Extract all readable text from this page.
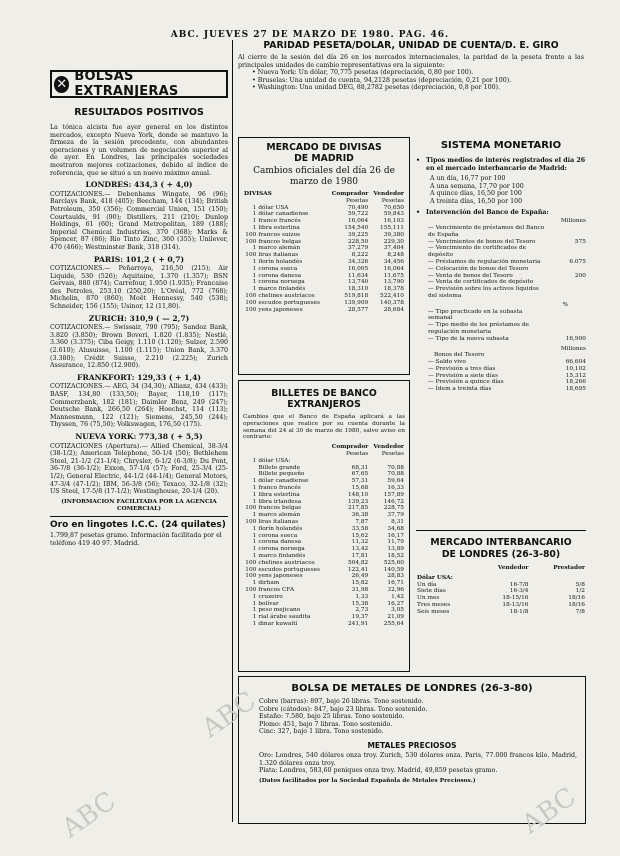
ABC. JUEVES 27 DE MARZO DE 1980. PAG. 46.
✕ BOLSAS EXTRANJERAS
RESULTADOS POSITIVOS
La tónica alcista fue ayer general en los distintos mercados, excepto Nueva York, donde se mantuvo la firmeza de la sesión precedente, con abundantes operaciones y un volumen de negociación superior al de ayer. En Londres, las principales sociedades mostraron mejores cotizaciones, debido al índice de referencia, que se situó a un nuevo máximo anual.
LONDRES: 434,3 ( + 4,0)
COTIZACIONES.— Debenhams Wingate, 96 (96); Barclays Bank, 418 (405); Beecham, 144 (134); British Petroleum, 350 (356); Commercial Union, 151 (150); Courtaulds, 91 (90); Distillers, 211 (210); Dunlop Holdings, 61 (60); Grand Metropolitan, 189 (188); Imperial Chemical Industries, 370 (368); Marks & Spencer, 87 (86); Rio Tinto Zinc, 360 (355); Unilever, 470 (466); Westminster Bank, 318 (314).
PARIS: 101,2 ( + 0,7)
COTIZACIONES.— Peñarroya, 216,50 (215); Air Liquide, 530 (526); Aquitaine, 1.370 (1.357); BSN Gervais, 880 (874); Carrefour, 1.950 (1.935); Francaise des Petroles, 253,10 (250,20); L'Oréal, 772 (768); Michelin, 870 (860); Moët Hennessy, 540 (538); Schneider, 156 (155); Usinor, 12 (11,80).
ZURICH: 310,9 ( — 2,7)
COTIZACIONES.— Swissair, 790 (795); Sandoz Bank, 3.820 (3.850); Brown Boveri, 1.820 (1.835); Nestlé, 3.360 (3.375); Ciba Geigy, 1.110 (1.120); Sulzer, 2.590 (2.610); Alusuisse, 1.100 (1.115); Union Bank, 3.370 (3.380); Crédit Suisse, 2.210 (2.225); Zurich Assurance, 12.850 (12.900).
FRANKFORT: 129,33 ( + 1,4)
COTIZACIONES.— AEG, 34 (34,30); Allianz, 434 (433); BASF, 134,80 (133,50); Bayer, 118,10 (117); Commerzbank, 182 (181); Daimler Benz, 249 (247); Deutsche Bank, 266,50 (264); Hoechst, 114 (113); Mannesmann, 122 (121); Siemens, 245,50 (244); Thyssen, 76 (75,50); Volkswagen, 176,50 (175).
NUEVA YORK: 773,38 ( + 5,5)
COTIZACIONES (Apertura).— Allied Chemical, 38-3/4 (38-1/2); American Telephone, 50-1/4 (50); Bethlehem Steel, 21-1/2 (21-1/4); Chrysler, 6-1/2 (6-3/8); Du Pont, 36-7/8 (36-1/2); Exxon, 57-1/4 (57); Ford, 25-3/4 (25-1/2); General Electric, 44-1/2 (44-1/4); General Motors, 47-3/4 (47-1/2); IBM, 56-3/8 (56); Texaco, 32-1/8 (32); US Steel, 17-5/8 (17-1/2); Westinghouse, 20-1/4 (20).
(INFORMACION FACILITADA POR LA AGENCIA COMERCIAL)
Oro en lingotes I.C.C. (24 quilates)
1.799,87 pesetas gramo. Información facilitada por el teléfono 419 40 97. Madrid.
PARIDAD PESETA/DOLAR, UNIDAD DE CUENTA/D. E. GIRO
Al cierre de la sesión del día 26 en los mercados internacionales, la paridad de la peseta frente a las principales unidades de cambio representativas era la siguiente:
• Nueva York: Un dólar, 70,775 pesetas (depreciación, 0,80 por 100).
• Bruselas: Una unidad de cuenta, 94,2128 pesetas (depreciación, 0,21 por 100).
• Washington: Una unidad DEG, 88,2782 pesetas (depreciación, 0,8 por 100).
MERCADO DE DIVISAS
DE MADRID
Cambios oficiales del día 26 de marzo de 1980
DIVISAS		Comprador	Vendedor
		Pesetas	Pesetas
1	dólar USA	70,490	70,650
1	dólar canadiense	59,722	59,843
1	franco francés	16,064	16,103
1	libra esterlina	154,540	155,111
100	francos suizos	39,225	39,380
100	francos belgas	228,50	229,30
1	marco alemán	37,279	37,404
100	liras italianas	8,222	8,248
1	florín holandés	34,326	34,456
1	corona sueca	16,005	16,064
1	corona danesa	11,634	11,675
1	corona noruega	13,740	13,790
1	marco finlandés	18,310	18,378
100	chelines austríacos	519,818	522,410
100	escudos portugueses	139,909	140,378
100	yens japoneses	28,577	28,684
BILLETES DE BANCO
EXTRANJEROS
Cambios que el Banco de España aplicará a las operaciones que realice por su cuenta durante la semana del 24 al 30 de marzo de 1980, salvo aviso en contrario:
		Comprador	Vendedor
		Pesetas	Pesetas
1	dólar USA:		
	Billete grande	68,31	70,88
	Billete pequeño	67,65	70,88
1	dólar canadiense	57,31	59,64
1	franco francés	15,68	16,33
1	libra esterlina	148,10	157,89
1	libra irlandesa	139,23	146,72
100	francos belgas	217,85	228,75
1	marco alemán	36,38	37,79
100	liras italianas	7,87	8,31
1	florín holandés	33,58	34,68
1	corona sueca	15,62	16,17
1	corona danesa	11,32	11,79
1	corona noruega	13,42	13,89
1	marco finlandés	17,81	18,52
100	chelines austríacos	504,82	525,60
100	escudos portugueses	122,41	140,59
100	yens japoneses	26,49	28,83
1	dirham	15,82	16,71
100	francos CFA	31,98	32,96
1	cruzeiro	1,33	1,42
1	bolívar	15,38	16,27
1	peso mejicano	2,73	3,05
1	rial árabe saudita	19,37	21,09
1	dinar kuwaití	241,91	255,64
SISTEMA MONETARIO
• Tipos medios de interés registrados el día 26 en el mercado interbancario de Madrid:
A un día, 16,77 por 100
A una semana, 17,70 por 100
A quince días, 16,50 por 100
A treinta días, 16,50 por 100
• Intervención del Banco de España:
Millones
— Vencimiento de préstamos del Banco de España
— Vencimientos de bonos del Tesoro	575
— Vencimiento de certificados de depósito
— Préstamos de regulación monetaria	6.075
— Colocación de bonos del Tesoro
— Venta de bonos del Tesoro	200
— Venta de certificados de depósito
— Previsión sobre los activos líquidos del sistema
%
— Tipo practicado en la subasta semanal
— Tipo medio de los préstamos de regulación monetaria
— Tipo de la nueva subasta	16,900
Millones
Bonos del Tesoro
— Saldo vivo	66,604
— Previsión a tres días	10,102
— Previsión a siete días	15,312
— Previsión a quince días	18,266
— Ídem a treinta días	18,695
MERCADO INTERBANCARIO DE LONDRES (26-3-80)
	Vendedor	Prestador
Dólar USA:		
Un día	16-7/8	5/8
Siete días	16-3/4	1/2
Un mes	18-15/16	18/16
Tres meses	18-13/16	18/16
Seis meses	18-1/8	7/8
BOLSA DE METALES DE LONDRES (26-3-80)
Cobre (barras): 897, bajo 26 libras. Tono sostenido.
Cobre (cátodos): 847, bajo 23 libras. Tono sostenido.
Estaño: 7.580, bajo 25 libras. Tono sostenido.
Plomo: 451, bajo 7 libras. Tono sostenido.
Cinc: 327, bajo 1 libra. Tono sostenido.
METALES PRECIOSOS
Oro: Londres, 540 dólares onza troy. Zurich, 530 dólares onza. Paris, 77.000 francos kilo. Madrid, 1.320 dólares onza troy.
Plata: Londres, 583,60 peniques onza troy. Madrid, 49,859 pesetas gramo.
(Datos facilitados por la Sociedad Española de Metales Preciosos.)
ABC
ABC
ABC
